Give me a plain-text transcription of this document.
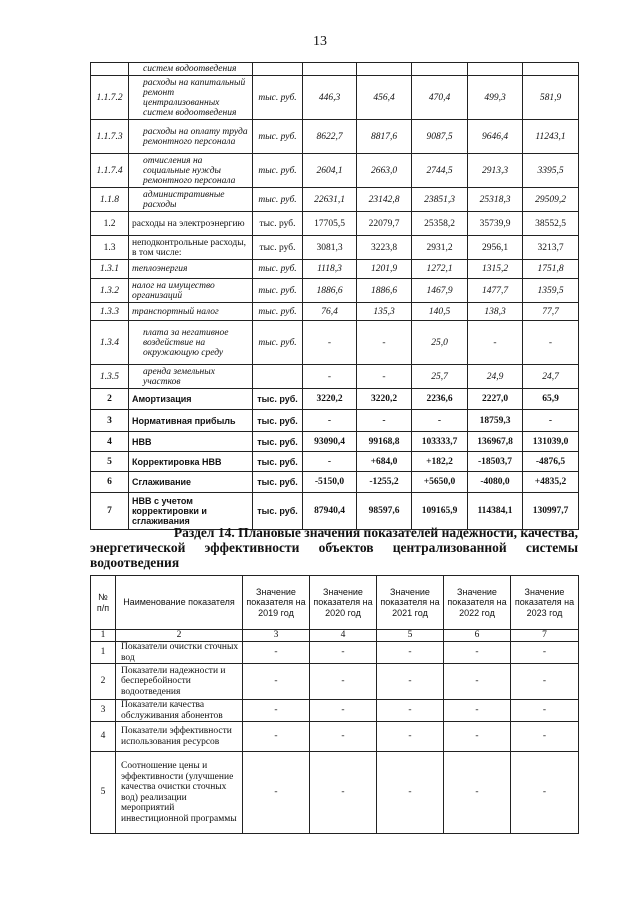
13
	систем водоотведения						
1.1.7.2	расходы на капитальный ремонт централизованных систем водоотведения	тыс. руб.	446,3	456,4	470,4	499,3	581,9
1.1.7.3	расходы на оплату труда ремонтного персонала	тыс. руб.	8622,7	8817,6	9087,5	9646,4	11243,1
1.1.7.4	отчисления на социальные нужды ремонтного персонала	тыс. руб.	2604,1	2663,0	2744,5	2913,3	3395,5
1.1.8	административные расходы	тыс. руб.	22631,1	23142,8	23851,3	25318,3	29509,2
1.2	расходы на электроэнергию	тыс. руб.	17705,5	22079,7	25358,2	35739,9	38552,5
1.3	неподконтрольные расходы, в том числе:	тыс. руб.	3081,3	3223,8	2931,2	2956,1	3213,7
1.3.1	теплоэнергия	тыс. руб.	1118,3	1201,9	1272,1	1315,2	1751,8
1.3.2	налог на имущество организаций	тыс. руб.	1886,6	1886,6	1467,9	1477,7	1359,5
1.3.3	транспортный налог	тыс. руб.	76,4	135,3	140,5	138,3	77,7
1.3.4	плата за негативное воздействие на окружающую среду	тыс. руб.	-	-	25,0	-	-
1.3.5	аренда земельных участков		-	-	25,7	24,9	24,7
2	Амортизация	тыс. руб.	3220,2	3220,2	2236,6	2227,0	65,9
3	Нормативная прибыль	тыс. руб.	-	-	-	18759,3	-
4	НВВ	тыс. руб.	93090,4	99168,8	103333,7	136967,8	131039,0
5	Корректировка НВВ	тыс. руб.	-	+684,0	+182,2	-18503,7	-4876,5
6	Сглаживание	тыс. руб.	-5150,0	-1255,2	+5650,0	-4080,0	+4835,2
7	НВВ с учетом корректировки и сглаживания	тыс. руб.	87940,4	98597,6	109165,9	114384,1	130997,7
Раздел 14. Плановые значения показателей надежности, качества,
энергетической эффективности объектов централизованной системы
водоотведения
№ п/п	Наименование показателя	Значение показателя на 2019 год	Значение показателя на 2020 год	Значение показателя на 2021 год	Значение показателя на 2022 год	Значение показателя на 2023 год
1	2	3	4	5	6	7
1	Показатели очистки сточных вод	-	-	-	-	-
2	Показатели надежности и бесперебойности водоотведения	-	-	-	-	-
3	Показатели качества обслуживания абонентов	-	-	-	-	-
4	Показатели эффективности использования ресурсов	-	-	-	-	-
5	Соотношение цены и эффективности (улучшение качества очистки сточных вод) реализации мероприятий инвестиционной программы	-	-	-	-	-
